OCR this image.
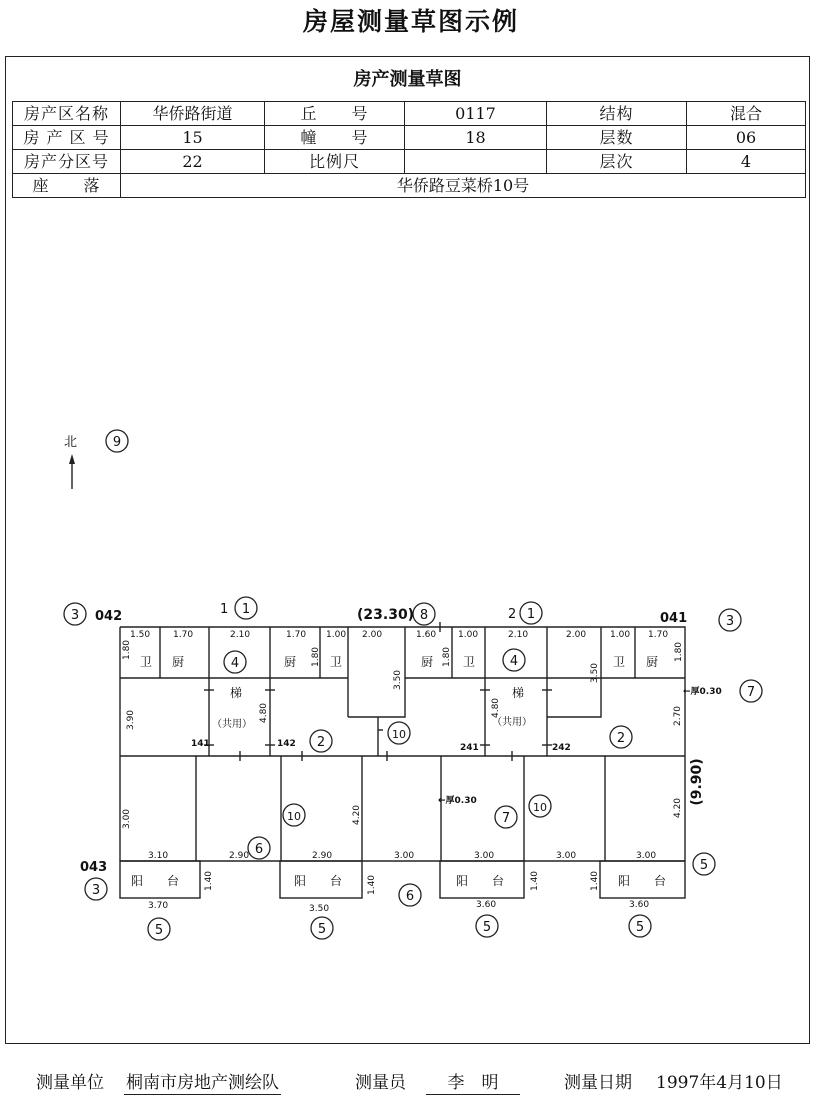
房屋测量草图示例
房产测量草图
房产区名称	华侨路街道	丘　　号	0117	结构	混合
房 产 区 号	15	幢　　号	18	层数	06
房产分区号	22	比例尺		层次	4
座　　落	华侨路豆菜桥10号				
9
3	1	8	1	3
4	4
2
10	2
7
10	7
10
6
3	6
5
5	5	5	5
北
042	1	(23.30)	2	041
043
(9.90)
卫 厨	厨	卫	厨 卫	卫 厨
梯	梯
（共用）	（共用）
阳　　台	阳　　台	阳　　台	阳　　台
←厚0.30
←厚0.30
141	142	241	242
1.50	1.70	2.10	1.70 1.00 2.00	1.60 1.00	2.10	2.00	1.00 1.70
3.10	2.90	2.90	3.00	3.00	3.00	3.00
3.70	3.50	3.60	3.60
1.80	1.80	1.80	1.80
3.90	4.80	4.80
3.50	3.50
2.70
3.00	4.20	4.20
1.40	1.40	1.40	1.40
测量单位 桐南市房地产测绘队	测量员	李　明	测量日期 1997年4月10日
